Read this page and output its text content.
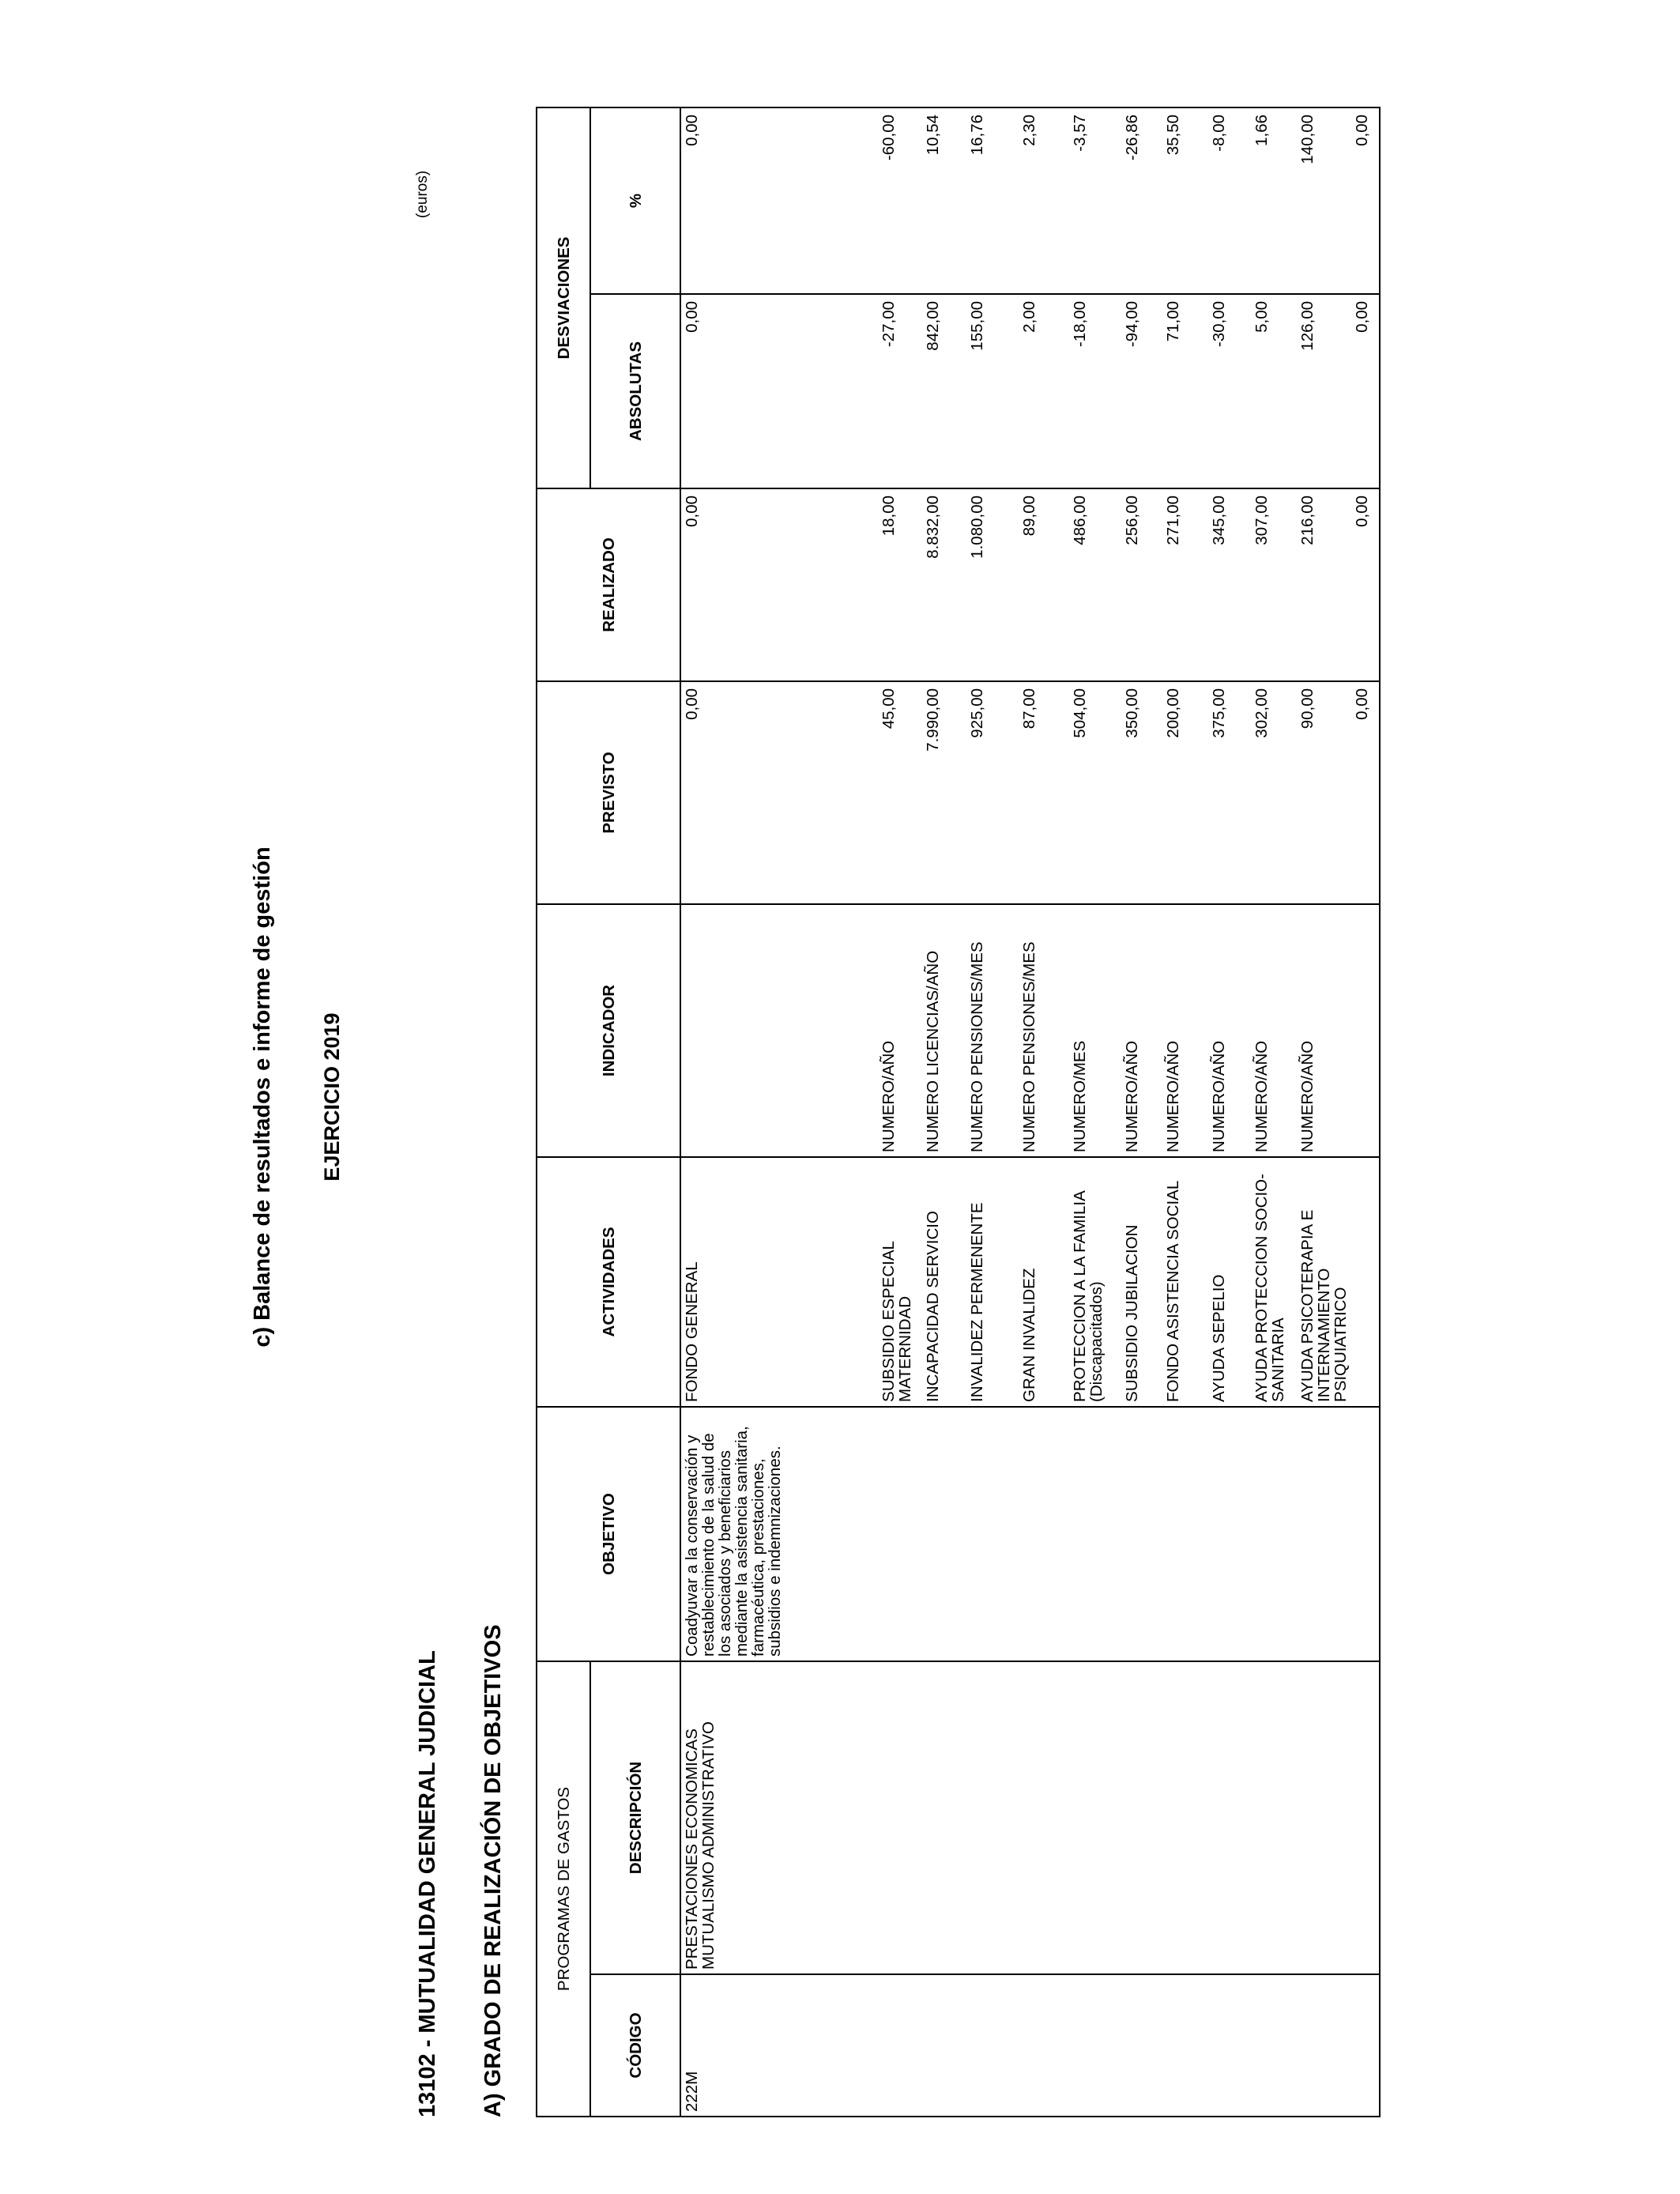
c) Balance de resultados e informe de gestión EJERCICIO 2019
(euros)
13102 - MUTUALIDAD GENERAL JUDICIAL A) GRADO DE REALIZACIÓN DE OBJETIVOS	PROGRAMAS DE GASTOS		OBJETIVO	ACTIVIDADES	INDICADOR	PREVISTO	REALIZADO	DESVIACIONES	
CÓDIGO	DESCRIPCIÓN						ABSOLUTAS	%
222M	PRESTACIONES ECONOMICAS MUTUALISMO ADMINISTRATIVO	Coadyuvar a la conservación y restablecimiento de la salud de los asociados y beneficiarios mediante la asistencia sanitaria, farmacéutica, prestaciones, subsidios e indemnizaciones.	FONDO GENERAL		0,00	0,00	0,00	0,00
			SUBSIDIO ESPECIAL MATERNIDAD	NUMERO/AÑO	45,00	18,00	-27,00	-60,00
			INCAPACIDAD SERVICIO	NUMERO LICENCIAS/AÑO	7.990,00	8.832,00	842,00	10,54
			INVALIDEZ PERMENENTE	NUMERO PENSIONES/MES	925,00	1.080,00	155,00	16,76
			GRAN INVALIDEZ	NUMERO PENSIONES/MES	87,00	89,00	2,00	2,30
			PROTECCION A LA FAMILIA (Discapacitados)	NUMERO/MES	504,00	486,00	-18,00	-3,57
			SUBSIDIO JUBILACION	NUMERO/AÑO	350,00	256,00	-94,00	-26,86
			FONDO ASISTENCIA SOCIAL	NUMERO/AÑO	200,00	271,00	71,00	35,50
			AYUDA SEPELIO	NUMERO/AÑO	375,00	345,00	-30,00	-8,00
			AYUDA PROTECCION SOCIO-SANITARIA	NUMERO/AÑO	302,00	307,00	5,00	1,66
			AYUDA PSICOTERAPIA E INTERNAMIENTO PSIQUIATRICO	NUMERO/AÑO	90,00	216,00	126,00	140,00
					0,00	0,00	0,00	0,00
